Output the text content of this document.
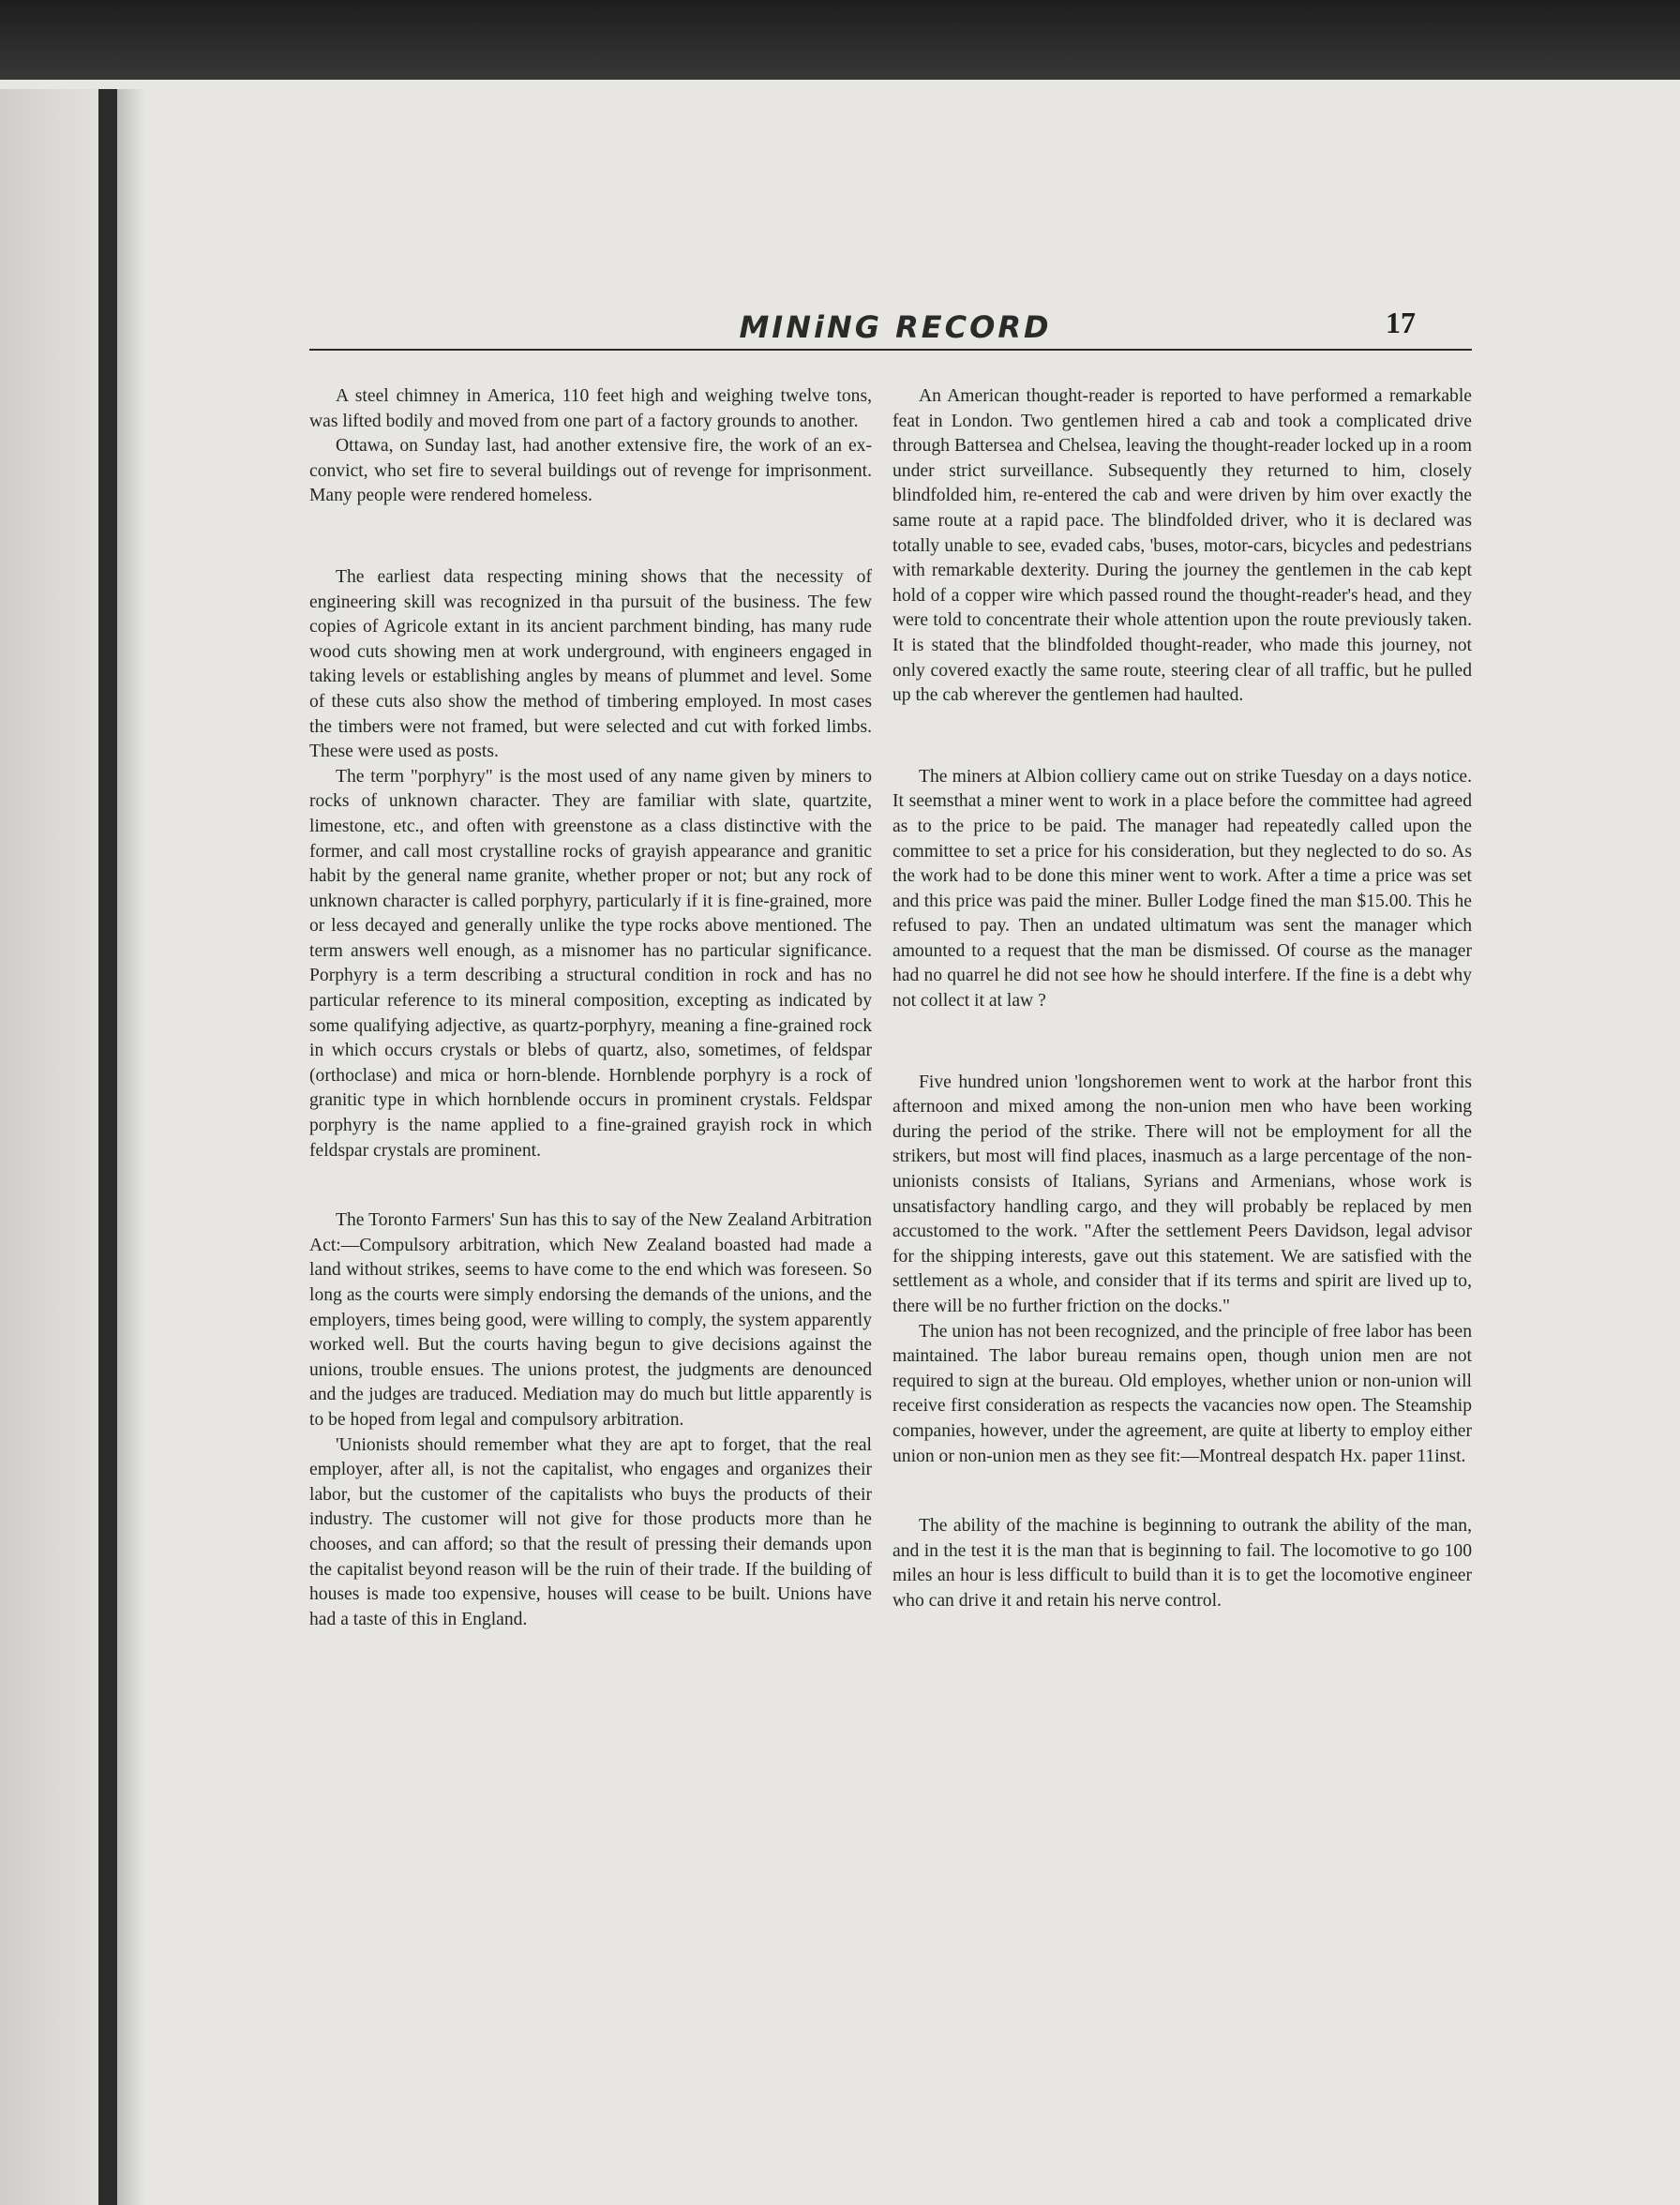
MINiNG RECORD	17

A steel chimney in America, 110 feet high and weighing twelve tons, was lifted bodily and moved from one part of a factory grounds to another.

Ottawa, on Sunday last, had another extensive fire, the work of an ex-convict, who set fire to several buildings out of revenge for imprisonment. Many people were rendered homeless.

The earliest data respecting mining shows that the necessity of engineering skill was recognized in tha pursuit of the business. The few copies of Agricole extant in its ancient parchment binding, has many rude wood cuts showing men at work underground, with engineers engaged in taking levels or establishing angles by means of plummet and level. Some of these cuts also show the method of timbering employed. In most cases the timbers were not framed, but were selected and cut with forked limbs. These were used as posts.

The term "porphyry" is the most used of any name given by miners to rocks of unknown character. They are familiar with slate, quartzite, limestone, etc., and often with greenstone as a class distinctive with the former, and call most crystalline rocks of grayish appearance and granitic habit by the general name granite, whether proper or not; but any rock of unknown character is called porphyry, particularly if it is fine-grained, more or less decayed and generally unlike the type rocks above mentioned. The term answers well enough, as a misnomer has no particular significance. Porphyry is a term describing a structural condition in rock and has no particular reference to its mineral composition, excepting as indicated by some qualifying adjective, as quartz-porphyry, meaning a fine-grained rock in which occurs crystals or blebs of quartz, also, sometimes, of feldspar (orthoclase) and mica or horn-blende. Hornblende porphyry is a rock of granitic type in which hornblende occurs in prominent crystals. Feldspar porphyry is the name applied to a fine-grained grayish rock in which feldspar crystals are prominent.

The Toronto Farmers' Sun has this to say of the New Zealand Arbitration Act:—Compulsory arbitration, which New Zealand boasted had made a land without strikes, seems to have come to the end which was foreseen. So long as the courts were simply endorsing the demands of the unions, and the employers, times being good, were willing to comply, the system apparently worked well. But the courts having begun to give decisions against the unions, trouble ensues. The unions protest, the judgments are denounced and the judges are traduced. Mediation may do much but little apparently is to be hoped from legal and compulsory arbitration.

'Unionists should remember what they are apt to forget, that the real employer, after all, is not the capitalist, who engages and organizes their labor, but the customer of the capitalists who buys the products of their industry. The customer will not give for those products more than he chooses, and can afford; so that the result of pressing their demands upon the capitalist beyond reason will be the ruin of their trade. If the building of houses is made too expensive, houses will cease to be built. Unions have had a taste of this in England.

An American thought-reader is reported to have performed a remarkable feat in London. Two gentlemen hired a cab and took a complicated drive through Battersea and Chelsea, leaving the thought-reader locked up in a room under strict surveillance. Subsequently they returned to him, closely blindfolded him, re-entered the cab and were driven by him over exactly the same route at a rapid pace. The blindfolded driver, who it is declared was totally unable to see, evaded cabs, 'buses, motor-cars, bicycles and pedestrians with remarkable dexterity. During the journey the gentlemen in the cab kept hold of a copper wire which passed round the thought-reader's head, and they were told to concentrate their whole attention upon the route previously taken. It is stated that the blindfolded thought-reader, who made this journey, not only covered exactly the same route, steering clear of all traffic, but he pulled up the cab wherever the gentlemen had haulted.

The miners at Albion colliery came out on strike Tuesday on a days notice. It seemsthat a miner went to work in a place before the committee had agreed as to the price to be paid. The manager had repeatedly called upon the committee to set a price for his consideration, but they neglected to do so. As the work had to be done this miner went to work. After a time a price was set and this price was paid the miner. Buller Lodge fined the man $15.00. This he refused to pay. Then an undated ultimatum was sent the manager which amounted to a request that the man be dismissed. Of course as the manager had no quarrel he did not see how he should interfere. If the fine is a debt why not collect it at law ?

Five hundred union 'longshoremen went to work at the harbor front this afternoon and mixed among the non-union men who have been working during the period of the strike. There will not be employment for all the strikers, but most will find places, inasmuch as a large percentage of the non-unionists consists of Italians, Syrians and Armenians, whose work is unsatisfactory handling cargo, and they will probably be replaced by men accustomed to the work. "After the settlement Peers Davidson, legal advisor for the shipping interests, gave out this statement. We are satisfied with the settlement as a whole, and consider that if its terms and spirit are lived up to, there will be no further friction on the docks."

The union has not been recognized, and the principle of free labor has been maintained. The labor bureau remains open, though union men are not required to sign at the bureau. Old employes, whether union or non-union will receive first consideration as respects the vacancies now open. The Steamship companies, however, under the agreement, are quite at liberty to employ either union or non-union men as they see fit:—Montreal despatch Hx. paper 11inst.

The ability of the machine is beginning to outrank the ability of the man, and in the test it is the man that is beginning to fail. The locomotive to go 100 miles an hour is less difficult to build than it is to get the locomotive engineer who can drive it and retain his nerve control.
